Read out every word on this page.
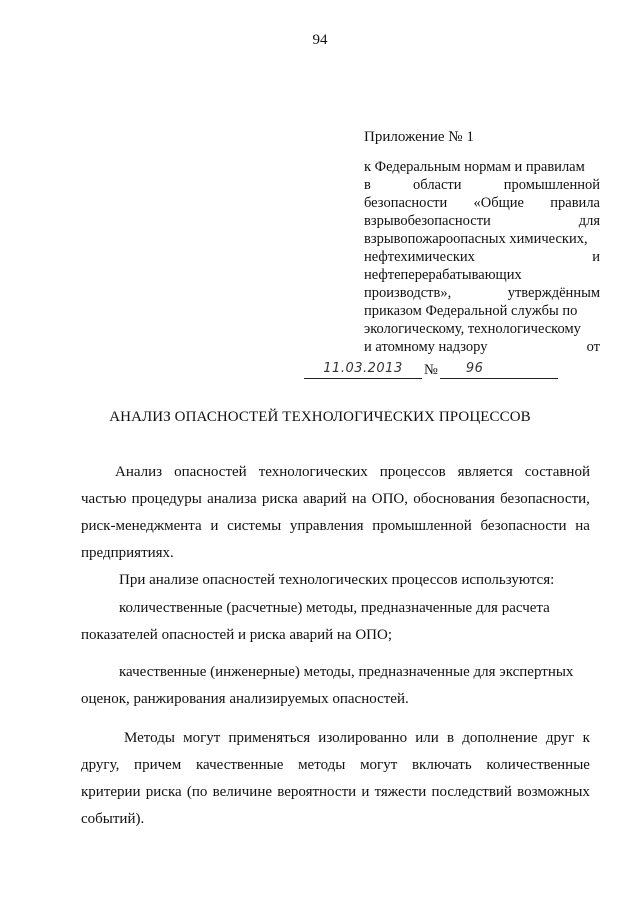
94
Приложение № 1
к Федеральным нормам и правилам
в	области	промышленной
безопасности «Общие правила
взрывобезопасности	для
взрывопожароопасных химических,
нефтехимических	и
нефтеперерабатывающих
производств»,	утверждённым
приказом Федеральной службы по
экологическому, технологическому
и атомному надзору	от
11.03.2013	№	96
АНАЛИЗ ОПАСНОСТЕЙ ТЕХНОЛОГИЧЕСКИХ ПРОЦЕССОВ
Анализ опасностей технологических процессов является составной
частью процедуры анализа риска аварий на ОПО, обоснования безопасности,
риск-менеджмента и системы управления промышленной безопасности на
предприятиях.
При анализе опасностей технологических процессов используются:
количественные (расчетные) методы, предназначенные для расчета
показателей опасностей и риска аварий на ОПО;
качественные (инженерные) методы, предназначенные для экспертных
оценок, ранжирования анализируемых опасностей.
Методы могут применяться изолированно или в дополнение друг к
другу, причем качественные методы могут включать количественные
критерии риска (по величине вероятности и тяжести последствий возможных
событий).
